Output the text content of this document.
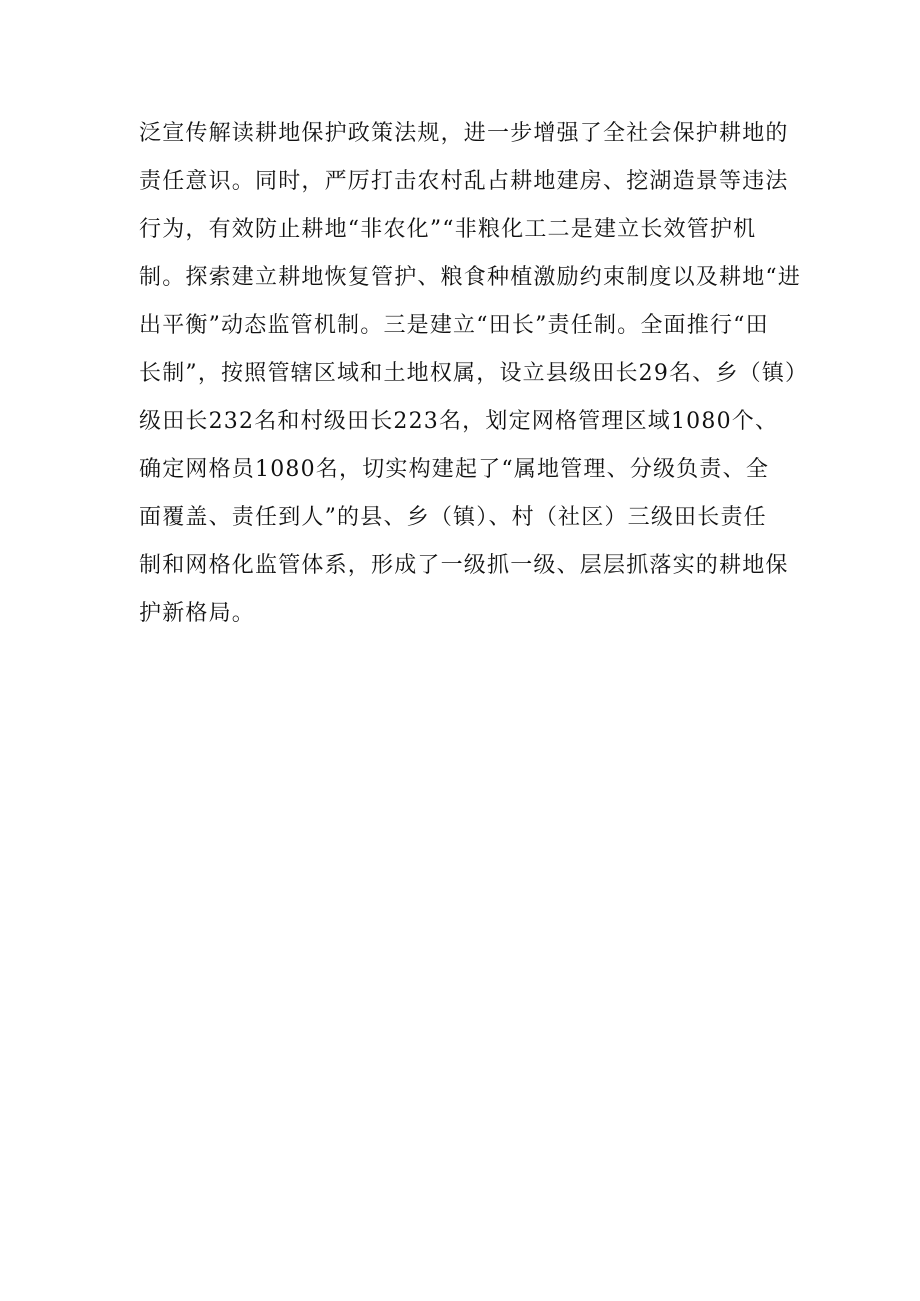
泛宣传解读耕地保护政策法规，进一步增强了全社会保护耕地的
责任意识。同时，严厉打击农村乱占耕地建房、挖湖造景等违法
行为，有效防止耕地“非农化”“非粮化工二是建立长效管护机
制。探索建立耕地恢复管护、粮食种植激励约束制度以及耕地“进
出平衡”动态监管机制。三是建立“田长”责任制。全面推行“田
长制”，按照管辖区域和土地权属，设立县级田长29名、乡（镇）
级田长232名和村级田长223名，划定网格管理区域1080个、
确定网格员1080名，切实构建起了“属地管理、分级负责、全
面覆盖、责任到人”的县、乡（镇）、村（社区）三级田长责任
制和网格化监管体系，形成了一级抓一级、层层抓落实的耕地保
护新格局。
